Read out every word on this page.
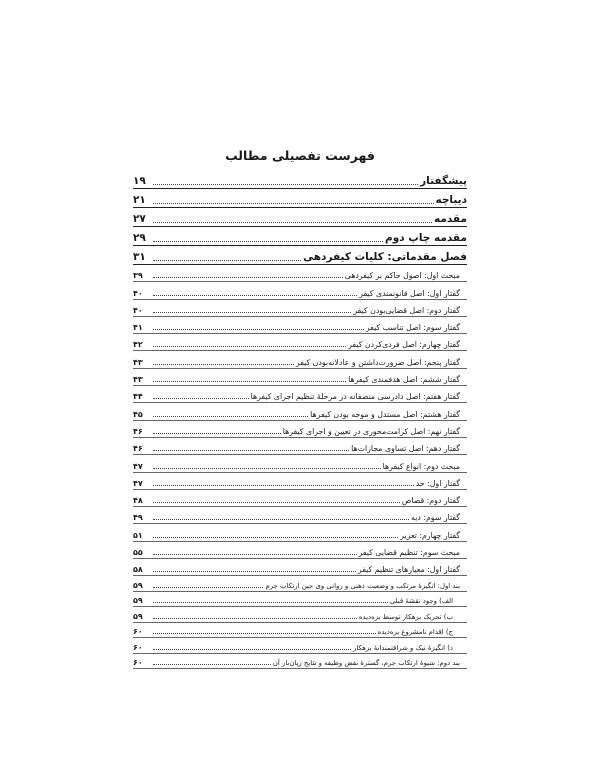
فهرست تفصیلی مطالب
پیشگفتار
۱۹
دیباچه
۲۱
مقدمه
۲۷
مقدمه چاپ دوم
۲۹
فصل مقدماتی: کلیات کیفردهی
۳۱
مبحث اول: اصول حاکم بر کیفردهی
۳۹
گفتار اول: اصل قانونمندی کیفر
۴۰
گفتار دوم: اصل قضایی‌بودن کیفر
۴۰
گفتار سوم: اصل تناسب کیفر
۴۱
گفتار چهارم: اصل فردی‌کردن کیفر
۴۲
گفتار پنجم: اصل ضرورت‌داشتن و عادلانه‌بودن کیفر
۴۳
گفتار ششم: اصل هدفمندی کیفرها
۴۳
گفتار هفتم: اصل دادرسی منصفانه در مرحلهٔ تنظیم اجرای کیفرها
۴۴
گفتار هشتم: اصل مستدل و موجه بودن کیفرها
۴۵
گفتار نهم: اصل کرامت‌محوری در تعیین و اجرای کیفرها
۴۶
گفتار دهم: اصل تساوی مجازات‌ها
۴۶
مبحث دوم: انواع کیفرها
۴۷
گفتار اول: حد
۴۷
گفتار دوم: قصاص
۴۸
گفتار سوم: دیه
۴۹
گفتار چهارم: تعزیر
۵۱
مبحث سوم: تنظیم قضایی کیفر
۵۵
گفتار اول: معیارهای تنظیم کیفر
۵۸
بند اول: انگیزهٔ مرتکب و وضعیت ذهنی و روانی وی حین ارتکاب جرم
۵۹
الف) وجود نقشهٔ قبلی
۵۹
ب) تحریک بزهکار توسط بزه‌دیده
۵۹
ج) اقدام نامشروع بزه‌دیده
۶۰
د) انگیزهٔ نیک و شرافتمندانهٔ بزهکار
۶۰
بند دوم: شیوهٔ ارتکاب جرم، گسترهٔ نقض وظیفه و نتایج زیان‌بار آن
۶۰
